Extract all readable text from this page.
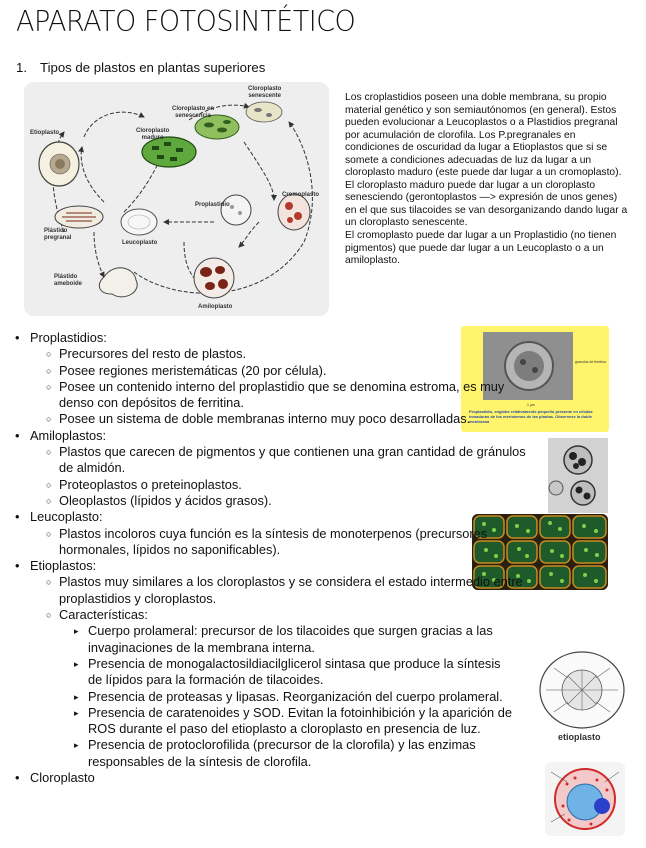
APARATO FOTOSINTÉTICO
1. Tipos de plastos en plantas superiores
Cloroplasto
senescente
Cloroplasto en
senescencia
Cloroplasto
maduro
Etioplasto
Proplastidio
Cromoplasto
Plástido
pregranal
Leucoplasto
Plástido
ameboide
Amiloplasto

Los croplastidios poseen una doble membrana, su propio material genético y son semiautónomos (en general). Estos pueden evolucionar a Leucoplastos o a Plastidios pregranal por acumulación de clorofila. Los P.pregranales en condiciones de oscuridad da lugar a Etioplastos que si se somete a condiciones adecuadas de luz da lugar a un cloroplasto maduro (este puede dar lugar a un cromoplasto). El cloroplasto maduro puede dar lugar a un cloroplasto senesciendo (gerontoplastos —> expresión de unos genes) en el que sus tilacoides se van desorganizando dando lugar a un cloroplasto senescente.

El cromoplasto puede dar lugar a un Proplastidio (no tienen pigmentos) que puede dar lugar a un Leucoplasto o a un amiloplasto.

granulos de ferritina
1 µm
Proplastidio, englobe relativamente pequeño presente en células inmaduras de los meristemos de las plantas. Observese la doble membrana
etioplasto
• Proplastidios:
○ Precursores del resto de plastos.
○ Posee regiones meristemáticas (20 por célula).
○ Posee un contenido interno del proplastidio que se denomina estroma, es muy denso con depósitos de ferritina.
○ Posee un sistema de doble membranas interno muy poco desarrolladas.
• Amiloplastos:
○ Plastos que carecen de pigmentos y que contienen una gran cantidad de gránulos de almidón.
○ Proteoplastos o preteinoplastos.
○ Oleoplastos (lípidos y ácidos grasos).
• Leucoplasto:
○ Plastos incoloros cuya función es la síntesis de monoterpenos (precursores hormonales, lípidos no saponificables).
• Etioplastos:
○ Plastos muy similares a los cloroplastos y se considera el estado intermedio entre proplastidios y cloroplastos.
○ Características:
▸ Cuerpo prolameral: precursor de los tilacoides que surgen gracias a las invaginaciones de la membrana interna.
▸ Presencia de monogalactosildiacilglicerol sintasa que produce la síntesis de lípidos para la formación de tilacoides.
▸ Presencia de proteasas y lipasas. Reorganización del cuerpo prolameral.
▸ Presencia de caratenoides y SOD. Evitan la fotoinhibición y la aparición de ROS durante el paso del etioplasto a cloroplasto en presencia de luz.
▸ Presencia de protoclorofilida (precursor de la clorofila) y las enzimas responsables de la síntesis de clorofila.
• Cloroplasto
